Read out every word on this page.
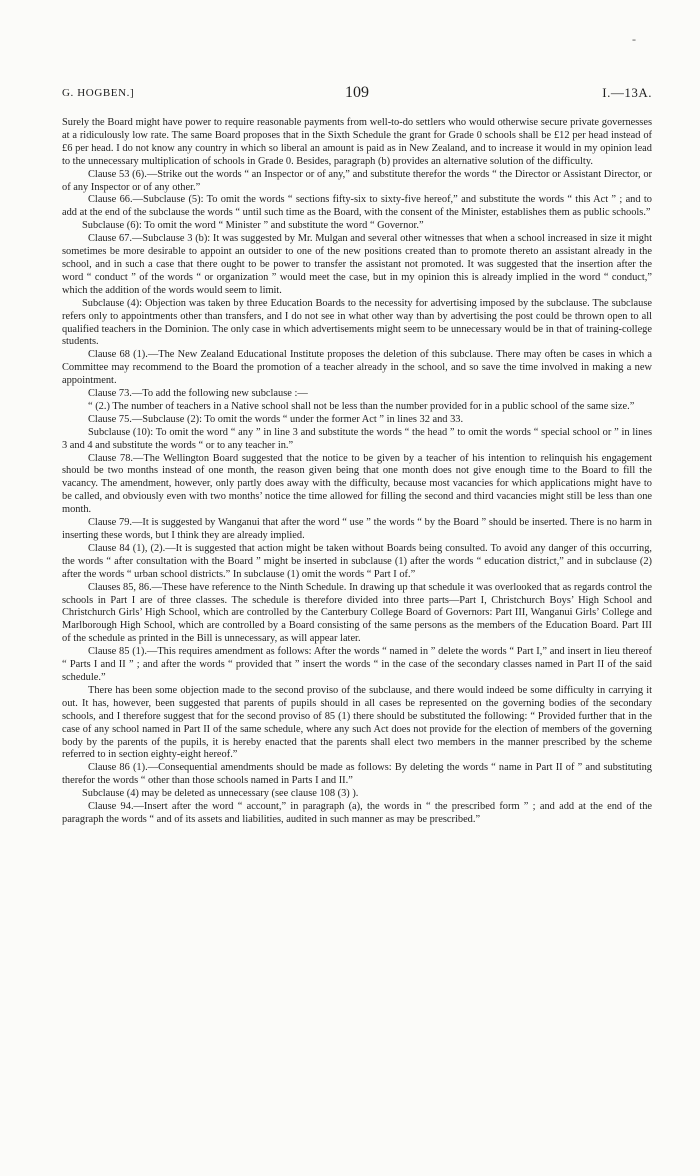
-
G. HOGBEN.]	109	I.—13A.

Surely the Board might have power to require reasonable payments from well-to-do settlers who would otherwise secure private governesses at a ridiculously low rate. The same Board proposes that in the Sixth Schedule the grant for Grade 0 schools shall be £12 per head instead of £6 per head. I do not know any country in which so liberal an amount is paid as in New Zealand, and to increase it would in my opinion lead to the unnecessary multiplication of schools in Grade 0. Besides, paragraph (b) provides an alternative solution of the difficulty.

Clause 53 (6).—Strike out the words “ an Inspector or of any,” and substitute therefor the words “ the Director or Assistant Director, or of any Inspector or of any other.”

Clause 66.—Subclause (5): To omit the words “ sections fifty-six to sixty-five hereof,” and substitute the words “ this Act ” ; and to add at the end of the subclause the words “ until such time as the Board, with the consent of the Minister, establishes them as public schools.”

Subclause (6): To omit the word “ Minister ” and substitute the word “ Governor.”

Clause 67.—Subclause 3 (b): It was suggested by Mr. Mulgan and several other witnesses that when a school increased in size it might sometimes be more desirable to appoint an outsider to one of the new positions created than to promote thereto an assistant already in the school, and in such a case that there ought to be power to transfer the assistant not promoted. It was suggested that the insertion after the word “ conduct ” of the words “ or organization ” would meet the case, but in my opinion this is already implied in the word “ conduct,” which the addition of the words would seem to limit.

Subclause (4): Objection was taken by three Education Boards to the necessity for advertising imposed by the subclause. The subclause refers only to appointments other than transfers, and I do not see in what other way than by advertising the post could be thrown open to all qualified teachers in the Dominion. The only case in which advertisements might seem to be unnecessary would be in that of training-college students.

Clause 68 (1).—The New Zealand Educational Institute proposes the deletion of this subclause. There may often be cases in which a Committee may recommend to the Board the promotion of a teacher already in the school, and so save the time involved in making a new appointment.

Clause 73.—To add the following new subclause :—

“ (2.) The number of teachers in a Native school shall not be less than the number provided for in a public school of the same size.”

Clause 75.—Subclause (2): To omit the words “ under the former Act ” in lines 32 and 33.

Subclause (10): To omit the word “ any ” in line 3 and substitute the words “ the head ” to omit the words “ special school or ” in lines 3 and 4 and substitute the words “ or to any teacher in.”

Clause 78.—The Wellington Board suggested that the notice to be given by a teacher of his intention to relinquish his engagement should be two months instead of one month, the reason given being that one month does not give enough time to the Board to fill the vacancy. The amendment, however, only partly does away with the difficulty, because most vacancies for which applications might have to be called, and obviously even with two months’ notice the time allowed for filling the second and third vacancies might still be less than one month.

Clause 79.—It is suggested by Wanganui that after the word “ use ” the words “ by the Board ” should be inserted. There is no harm in inserting these words, but I think they are already implied.

Clause 84 (1), (2).—It is suggested that action might be taken without Boards being consulted. To avoid any danger of this occurring, the words “ after consultation with the Board ” might be inserted in subclause (1) after the words “ education district,” and in subclause (2) after the words “ urban school districts.” In subclause (1) omit the words “ Part I of.”

Clauses 85, 86.—These have reference to the Ninth Schedule. In drawing up that schedule it was overlooked that as regards control the schools in Part I are of three classes. The schedule is therefore divided into three parts—Part I, Christchurch Boys’ High School and Christchurch Girls’ High School, which are controlled by the Canterbury College Board of Governors: Part III, Wanganui Girls’ College and Marlborough High School, which are controlled by a Board consisting of the same persons as the members of the Education Board. Part III of the schedule as printed in the Bill is unnecessary, as will appear later.

Clause 85 (1).—This requires amendment as follows: After the words “ named in ” delete the words “ Part I,” and insert in lieu thereof “ Parts I and II ” ; and after the words “ provided that ” insert the words “ in the case of the secondary classes named in Part II of the said schedule.”

There has been some objection made to the second proviso of the subclause, and there would indeed be some difficulty in carrying it out. It has, however, been suggested that parents of pupils should in all cases be represented on the governing bodies of the secondary schools, and I therefore suggest that for the second proviso of 85 (1) there should be substituted the following: “ Provided further that in the case of any school named in Part II of the same schedule, where any such Act does not provide for the election of members of the governing body by the parents of the pupils, it is hereby enacted that the parents shall elect two members in the manner prescribed by the scheme referred to in section eighty-eight hereof.”

Clause 86 (1).—Consequential amendments should be made as follows: By deleting the words “ name in Part II of ” and substituting therefor the words “ other than those schools named in Parts I and II.”

Subclause (4) may be deleted as unnecessary (see clause 108 (3) ).

Clause 94.—Insert after the word “ account,” in paragraph (a), the words in “ the prescribed form ” ; and add at the end of the paragraph the words “ and of its assets and liabilities, audited in such manner as may be prescribed.”
